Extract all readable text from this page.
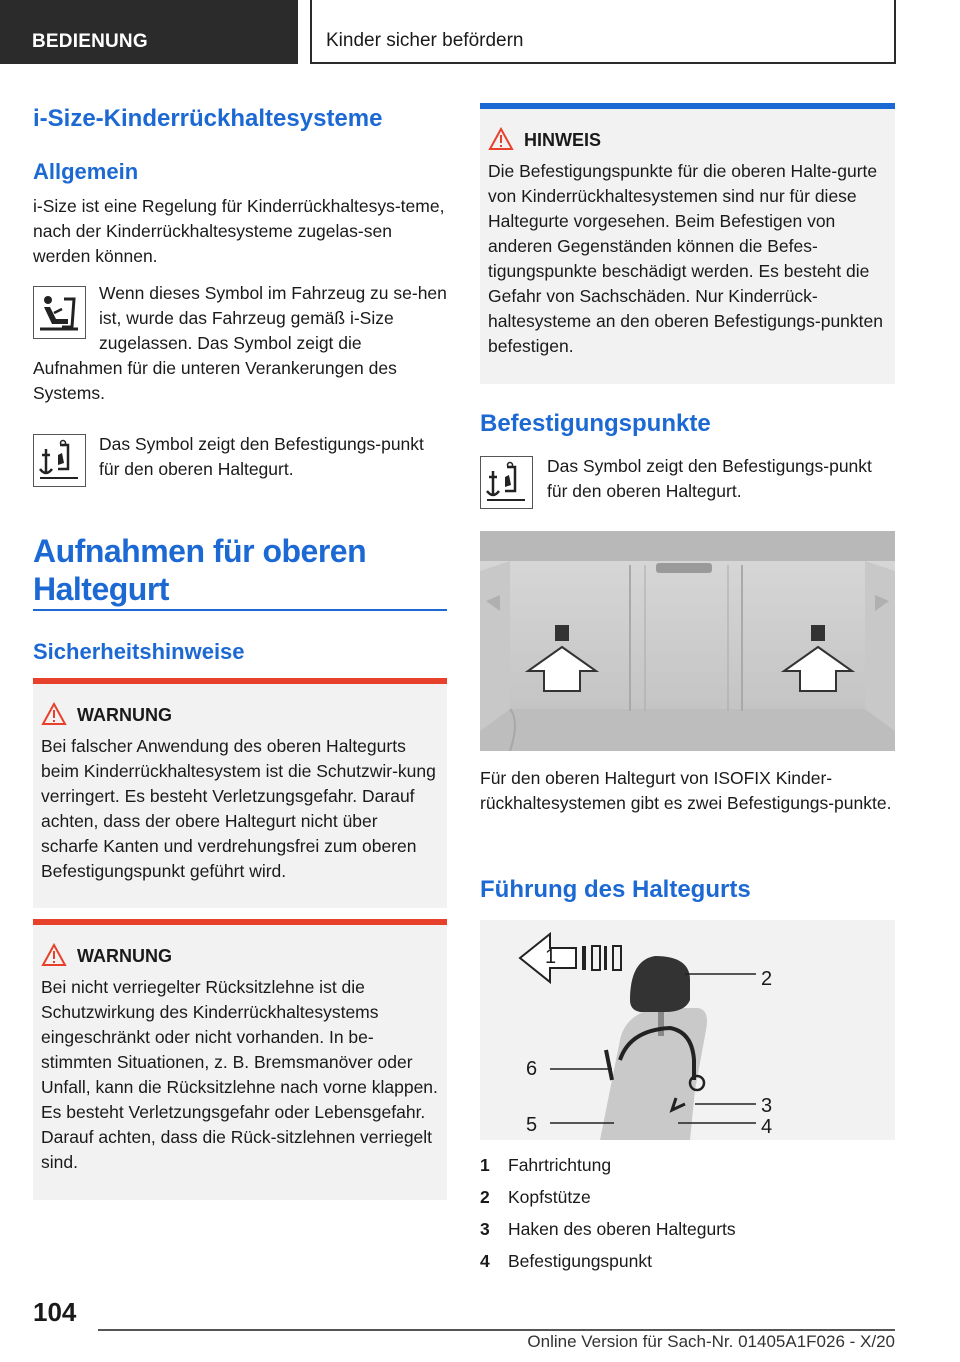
BEDIENUNG	Kinder sicher befördern
i-Size-Kinderrückhaltesysteme
Allgemein

i-Size ist eine Regelung für Kinderrückhaltesys-teme, nach der Kinderrückhaltesysteme zugelas-sen werden können.

Wenn dieses Symbol im Fahrzeug zu se-hen ist, wurde das Fahrzeug gemäß i-Size zugelassen. Das Symbol zeigt die

Aufnahmen für die unteren Verankerungen des Systems.

Das Symbol zeigt den Befestigungs-punkt für den oberen Haltegurt.

Aufnahmen für oberen Haltegurt
Sicherheitshinweise
WARNUNG
Bei falscher Anwendung des oberen Haltegurts beim Kinderrückhaltesystem ist die Schutzwir-kung verringert. Es besteht Verletzungsgefahr. Darauf achten, dass der obere Haltegurt nicht über scharfe Kanten und verdrehungsfrei zum oberen Befestigungspunkt geführt wird.
WARNUNG
Bei nicht verriegelter Rücksitzlehne ist die Schutzwirkung des Kinderrückhaltesystems eingeschränkt oder nicht vorhanden. In be-stimmten Situationen, z. B. Bremsmanöver oder Unfall, kann die Rücksitzlehne nach vorne klappen. Es besteht Verletzungsgefahr oder Lebensgefahr. Darauf achten, dass die Rück-sitzlehnen verriegelt sind.
HINWEIS
Die Befestigungspunkte für die oberen Halte-gurte von Kinderrückhaltesystemen sind nur für diese Haltegurte vorgesehen. Beim Befestigen von anderen Gegenständen können die Befes-tigungspunkte beschädigt werden. Es besteht die Gefahr von Sachschäden. Nur Kinderrück-haltesysteme an den oberen Befestigungs-punkten befestigen.
Befestigungspunkte

Das Symbol zeigt den Befestigungs-punkt für den oberen Haltegurt.

Für den oberen Haltegurt von ISOFIX Kinder-rückhaltesystemen gibt es zwei Befestigungs-punkte.

Führung des Haltegurts
1
2
6
3
4
5
1 Fahrtrichtung
2 Kopfstütze
3 Haken des oberen Haltegurts
4 Befestigungspunkt
104
Online Version für Sach-Nr. 01405A1F026 - X/20
